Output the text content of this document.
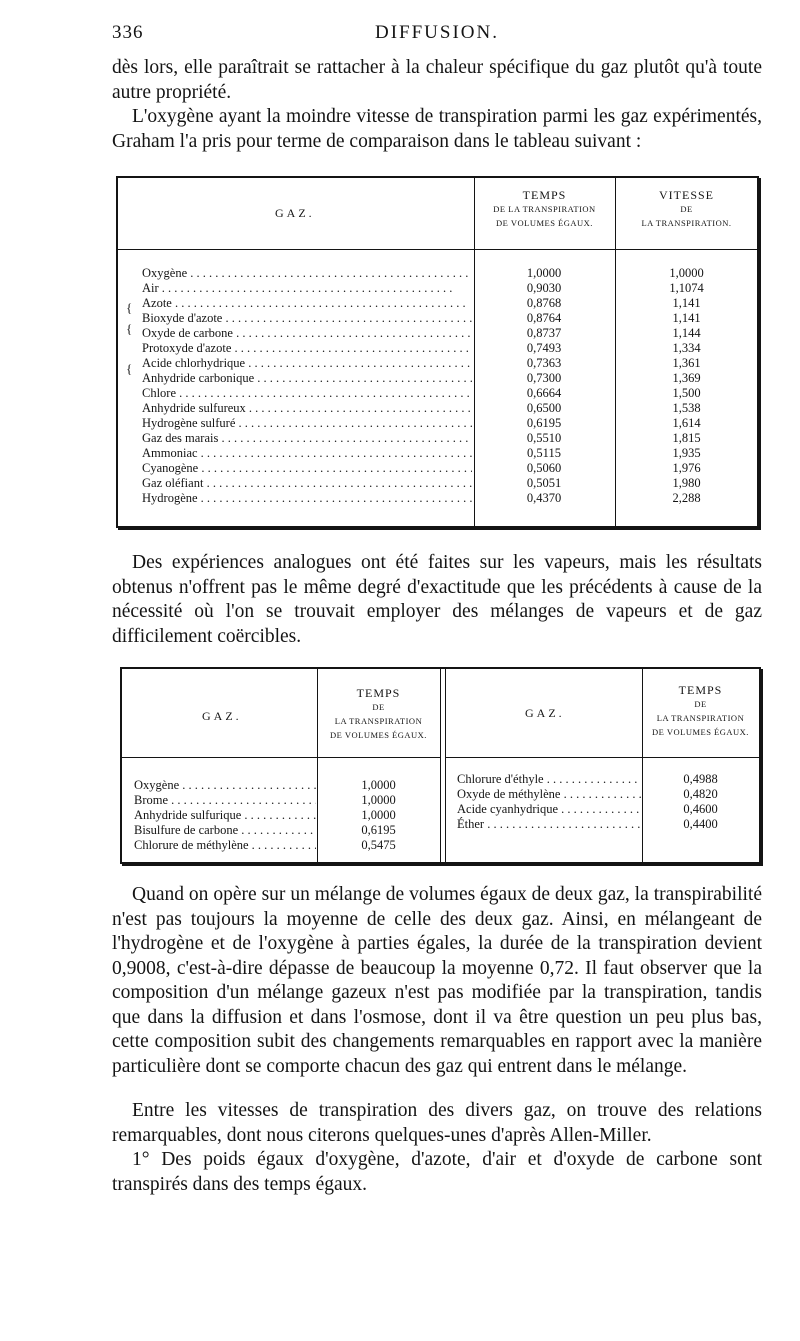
336	DIFFUSION.

dès lors, elle paraîtrait se rattacher à la chaleur spécifique du gaz plutôt qu'à toute autre propriété.

L'oxygène ayant la moindre vitesse de transpiration parmi les gaz expérimentés, Graham l'a pris pour terme de comparaison dans le tableau suivant :

GAZ.
TEMPS
DE LA TRANSPIRATION
DE VOLUMES ÉGAUX.
VITESSE
DE
LA TRANSPIRATION.
{
{
{
Oxygène . . .	1,0000	1,0000
Air . . .	0,9030	1,1074
Azote . . .	0,8768	1,141
Bioxyde d'azote . . .	0,8764	1,141
Oxyde de carbone . . .	0,8737	1,144
Protoxyde d'azote . . .	0,7493	1,334
Acide chlorhydrique . . .	0,7363	1,361
Anhydride carbonique . . .	0,7300	1,369
Chlore . . .	0,6664	1,500
Anhydride sulfureux . . .	0,6500	1,538
Hydrogène sulfuré . . .	0,6195	1,614
Gaz des marais . . .	0,5510	1,815
Ammoniac . . .	0,5115	1,935
Cyanogène . . .	0,5060	1,976
Gaz oléfiant . . .	0,5051	1,980
Hydrogène . . .	0,4370	2,288

Des expériences analogues ont été faites sur les vapeurs, mais les résultats obtenus n'offrent pas le même degré d'exactitude que les précédents à cause de la nécessité où l'on se trouvait employer des mélanges de vapeurs et de gaz difficilement coërcibles.

GAZ.
TEMPS
DE
LA TRANSPIRATION
DE VOLUMES ÉGAUX.
GAZ.
TEMPS
DE
LA TRANSPIRATION
DE VOLUMES ÉGAUX.
Oxygène . . .	1,0000
Brome . . .	1,0000
Anhydride sulfurique . . .	1,0000
Bisulfure de carbone . . .	0,6195
Chlorure de méthylène . . .	0,5475
Chlorure d'éthyle . . .	0,4988
Oxyde de méthylène . . .	0,4820
Acide cyanhydrique . . .	0,4600
Éther . . .	0,4400

Quand on opère sur un mélange de volumes égaux de deux gaz, la transpirabilité n'est pas toujours la moyenne de celle des deux gaz. Ainsi, en mélangeant de l'hydrogène et de l'oxygène à parties égales, la durée de la transpiration devient 0,9008, c'est-à-dire dépasse de beaucoup la moyenne 0,72. Il faut observer que la composition d'un mélange gazeux n'est pas modifiée par la transpiration, tandis que dans la diffusion et dans l'osmose, dont il va être question un peu plus bas, cette composition subit des changements remarquables en rapport avec la manière particulière dont se comporte chacun des gaz qui entrent dans le mélange.

Entre les vitesses de transpiration des divers gaz, on trouve des relations remarquables, dont nous citerons quelques-unes d'après Allen-Miller.

1° Des poids égaux d'oxygène, d'azote, d'air et d'oxyde de carbone sont transpirés dans des temps égaux.
